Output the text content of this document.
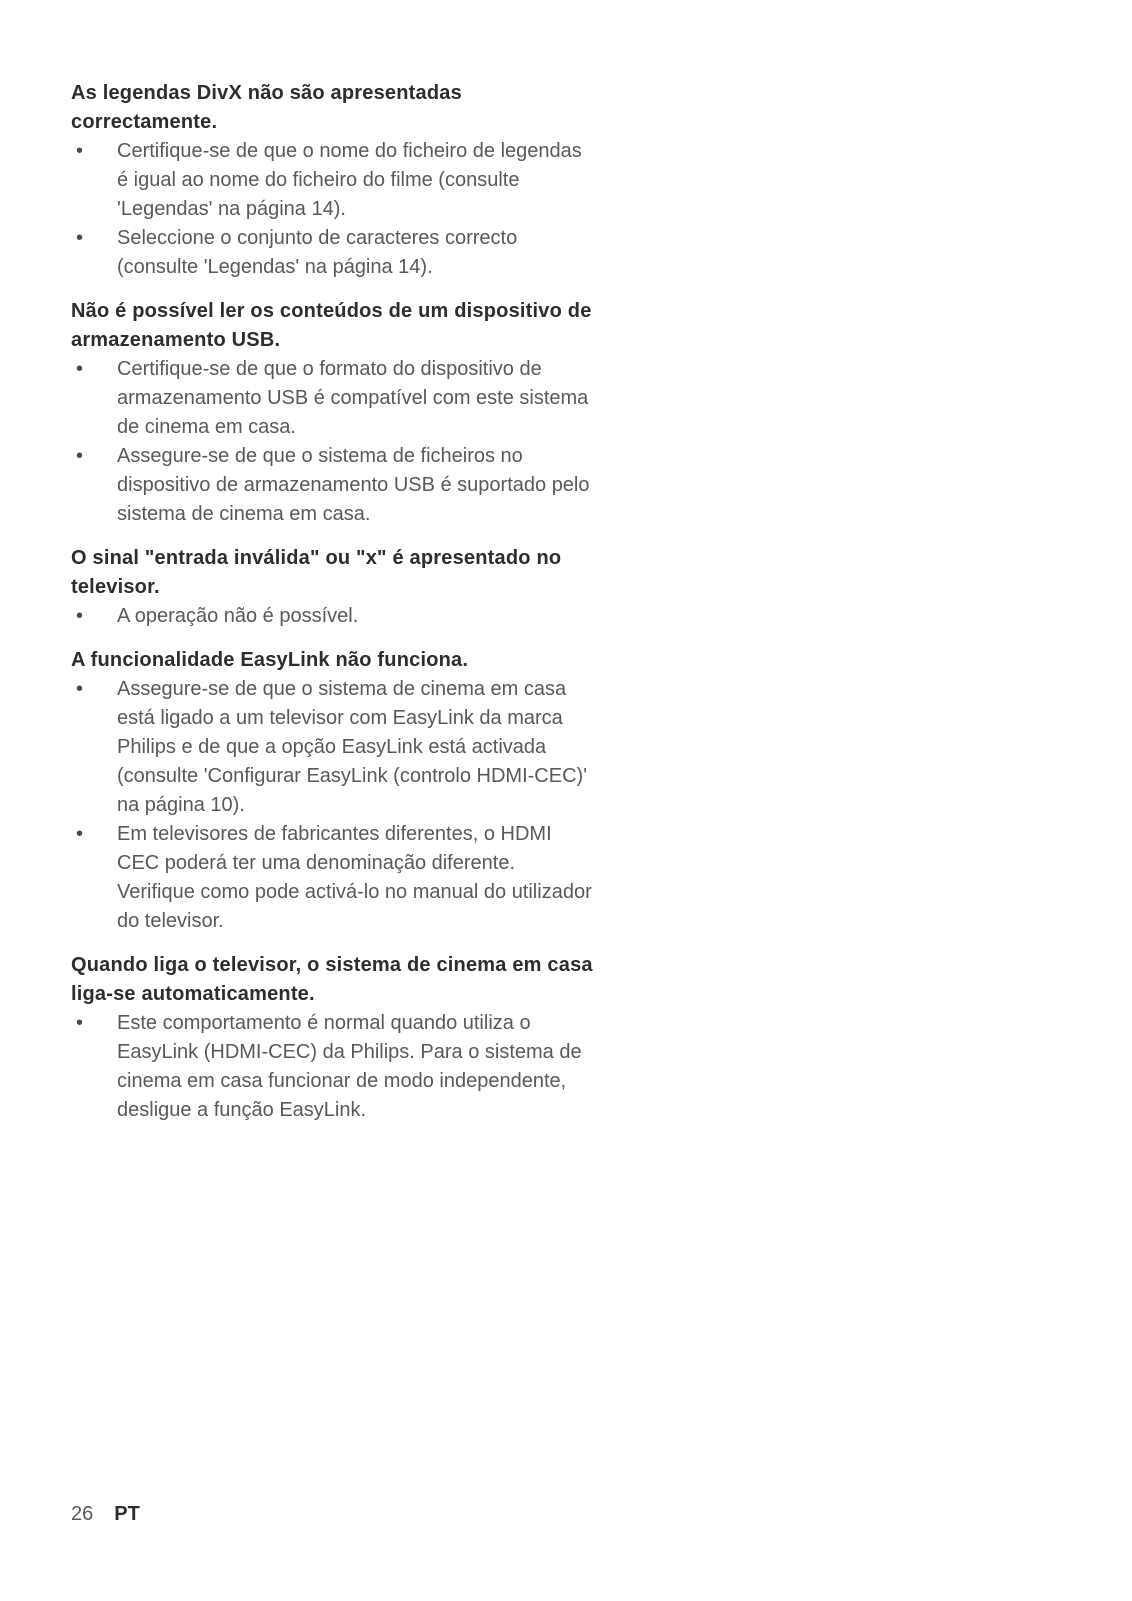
As legendas DivX não são apresentadas correctamente.
•	Certifique-se de que o nome do ficheiro de legendas é igual ao nome do ficheiro do filme (consulte 'Legendas' na página 14).
•	Seleccione o conjunto de caracteres correcto (consulte 'Legendas' na página 14).
Não é possível ler os conteúdos de um dispositivo de armazenamento USB.
•	Certifique-se de que o formato do dispositivo de armazenamento USB é compatível com este sistema de cinema em casa.
•	Assegure-se de que o sistema de ficheiros no dispositivo de armazenamento USB é suportado pelo sistema de cinema em casa.
O sinal "entrada inválida" ou "x" é apresentado no televisor.
•	A operação não é possível.
A funcionalidade EasyLink não funciona.
•	Assegure-se de que o sistema de cinema em casa está ligado a um televisor com EasyLink da marca Philips e de que a opção EasyLink está activada (consulte 'Configurar EasyLink (controlo HDMI-CEC)' na página 10).
•	Em televisores de fabricantes diferentes, o HDMI CEC poderá ter uma denominação diferente. Verifique como pode activá-lo no manual do utilizador do televisor.
Quando liga o televisor, o sistema de cinema em casa liga-se automaticamente.
•	Este comportamento é normal quando utiliza o EasyLink (HDMI-CEC) da Philips. Para o sistema de cinema em casa funcionar de modo independente, desligue a função EasyLink.
26 PT
